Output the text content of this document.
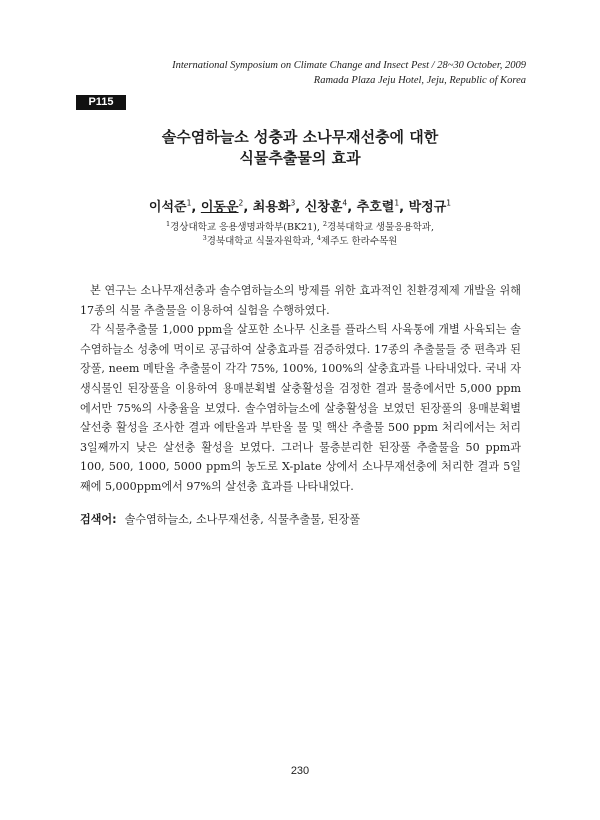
International Symposium on Climate Change and Insect Pest / 28~30 October, 2009
Ramada Plaza Jeju Hotel, Jeju, Republic of Korea
P115
솔수염하늘소 성충과 소나무재선충에 대한
식물추출물의 효과
이석준$^1$, 이동운$^2$, 최용화$^3$, 신창훈$^4$, 추호렬$^1$, 박정규$^1$
$^1$경상대학교 응용생명과학부(BK21), $^2$경북대학교 생물응용학과,
$^3$경북대학교 식물자원학과, $^4$제주도 한라수목원

본 연구는 소나무재선충과 솔수염하늘소의 방제를 위한 효과적인 친환경제제 개발을 위해 17종의 식물 추출물을 이용하여 실험을 수행하였다.

각 식물추출물 1,000 ppm을 살포한 소나무 신초를 플라스틱 사육통에 개별 사육되는 솔수염하늘소 성충에 먹이로 공급하여 살충효과를 검증하였다. 17종의 추출물들 중 편측과 된장풀, neem 메탄올 추출물이 각각 75%, 100%, 100%의 살충효과를 나타내었다. 국내 자생식물인 된장풀을 이용하여 용매분획별 살충활성을 검정한 결과 물층에서만 5,000 ppm에서만 75%의 사충율을 보였다. 솔수염하늘소에 살충활성을 보였던 된장풀의 용매분획별 살선충 활성을 조사한 결과 에탄올과 부탄올 물 및 핵산 추출물 500 ppm 처리에서는 처리 3일째까지 낮은 살선충 활성을 보였다. 그러나 물층분리한 된장풀 추출물을 50 ppm과 100, 500, 1000, 5000 ppm의 농도로 X-plate 상에서 소나무재선충에 처리한 결과 5일째에 5,000ppm에서 97%의 살선충 효과를 나타내었다.

검색어: 솔수염하늘소, 소나무재선충, 식물추출물, 된장풀
230
